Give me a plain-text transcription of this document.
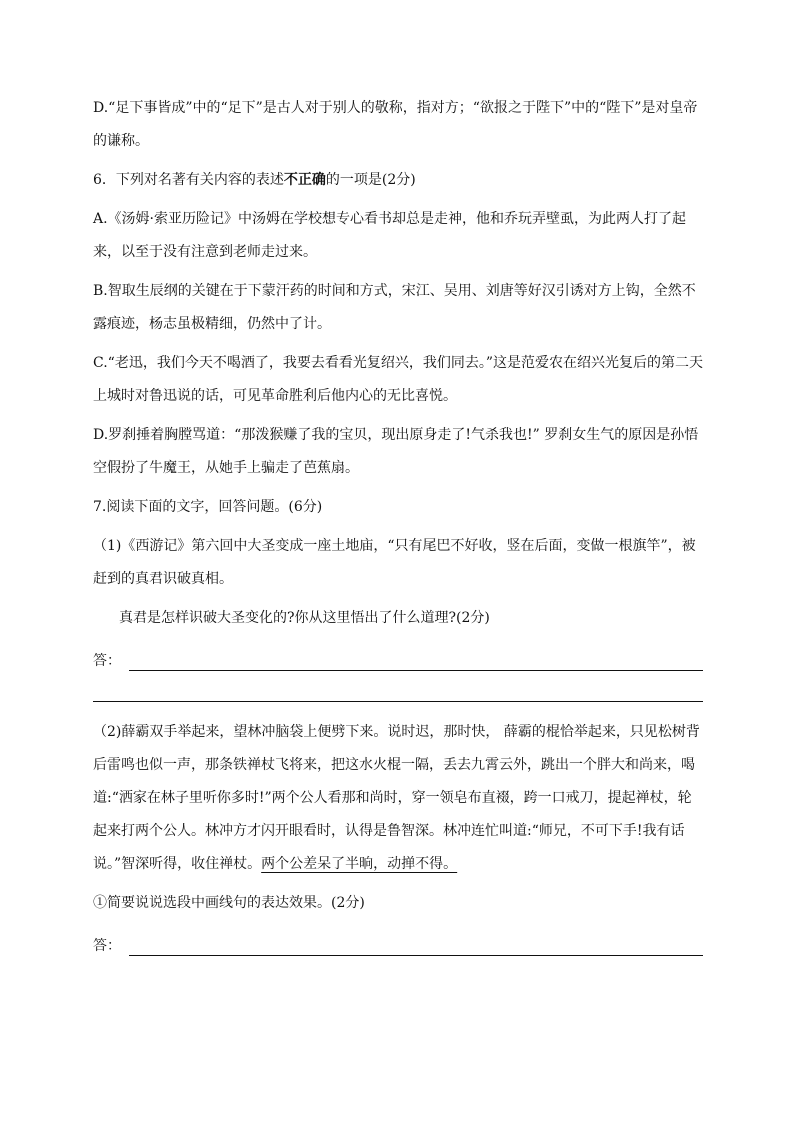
D.“足下事皆成”中的“足下”是古人对于别人的敬称，指对方；“欲报之于陛下”中的“陛下”是对皇帝的谦称。

6．下列对名著有关内容的表述不正确的一项是(2分)

A.《汤姆·索亚历险记》中汤姆在学校想专心看书却总是走神，他和乔玩弄壁虱，为此两人打了起来，以至于没有注意到老师走过来。

B.智取生辰纲的关键在于下蒙汗药的时间和方式，宋江、吴用、刘唐等好汉引诱对方上钩，全然不露痕迹，杨志虽极精细，仍然中了计。

C.“老迅，我们今天不喝酒了，我要去看看光复绍兴，我们同去。”这是范爱农在绍兴光复后的第二天上城时对鲁迅说的话，可见革命胜利后他内心的无比喜悦。

D.罗刹捶着胸膛骂道：“那泼猴赚了我的宝贝，现出原身走了!气杀我也!” 罗刹女生气的原因是孙悟空假扮了牛魔王，从她手上骗走了芭蕉扇。

7.阅读下面的文字，回答问题。(6分)

（1)《西游记》第六回中大圣变成一座土地庙，“只有尾巴不好收，竖在后面，变做一根旗竿”，被赶到的真君识破真相。

真君是怎样识破大圣变化的?你从这里悟出了什么道理?(2分)

答：

（2)薛霸双手举起来，望林冲脑袋上便劈下来。说时迟，那时快， 薛霸的棍恰举起来，只见松树背后雷鸣也似一声，那条铁禅杖飞将来，把这水火棍一隔，丢去九霄云外，跳出一个胖大和尚来，喝道:“洒家在林子里听你多时!”两个公人看那和尚时，穿一领皂布直裰，跨一口戒刀，提起禅杖，轮起来打两个公人。林冲方才闪开眼看时，认得是鲁智深。林冲连忙叫道:“师兄，不可下手!我有话说。”智深听得，收住禅杖。两个公差呆了半晌，动掸不得。

①简要说说选段中画线句的表达效果。(2分)

答：
